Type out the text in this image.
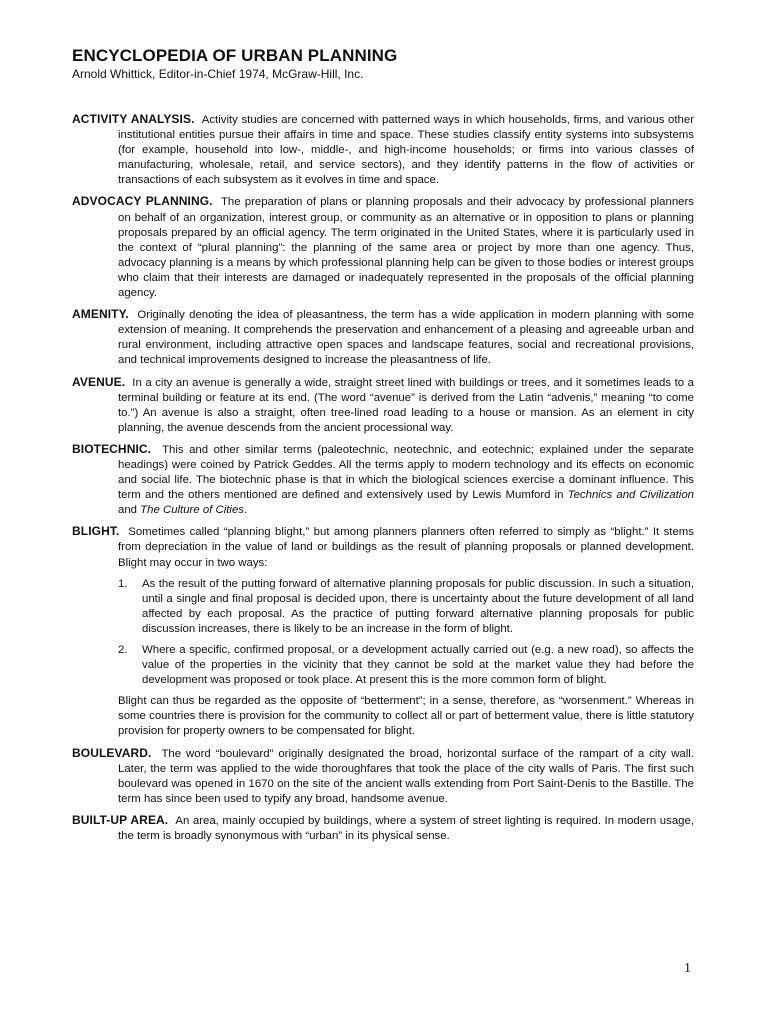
ENCYCLOPEDIA OF URBAN PLANNING

Arnold Whittick, Editor-in-Chief 1974, McGraw-Hill, Inc.

ACTIVITY ANALYSIS. Activity studies are concerned with patterned ways in which households, firms, and various other institutional entities pursue their affairs in time and space. These studies classify entity systems into subsystems (for example, household into low-, middle-, and high-income households; or firms into various classes of manufacturing, wholesale, retail, and service sectors), and they identify patterns in the flow of activities or transactions of each subsystem as it evolves in time and space.

ADVOCACY PLANNING. The preparation of plans or planning proposals and their advocacy by professional planners on behalf of an organization, interest group, or community as an alternative or in opposition to plans or planning proposals prepared by an official agency. The term originated in the United States, where it is particularly used in the context of “plural planning”: the planning of the same area or project by more than one agency. Thus, advocacy planning is a means by which professional planning help can be given to those bodies or interest groups who claim that their interests are damaged or inadequately represented in the proposals of the official planning agency.

AMENITY. Originally denoting the idea of pleasantness, the term has a wide application in modern planning with some extension of meaning. It comprehends the preservation and enhancement of a pleasing and agreeable urban and rural environment, including attractive open spaces and landscape features, social and recreational provisions, and technical improvements designed to increase the pleasantness of life.

AVENUE. In a city an avenue is generally a wide, straight street lined with buildings or trees, and it sometimes leads to a terminal building or feature at its end. (The word “avenue” is derived from the Latin “advenis,” meaning “to come to.”) An avenue is also a straight, often tree-lined road leading to a house or mansion. As an element in city planning, the avenue descends from the ancient processional way.

BIOTECHNIC. This and other similar terms (paleotechnic, neotechnic, and eotechnic; explained under the separate headings) were coined by Patrick Geddes. All the terms apply to modern technology and its effects on economic and social life. The biotechnic phase is that in which the biological sciences exercise a dominant influence. This term and the others mentioned are defined and extensively used by Lewis Mumford in Technics and Civilization and The Culture of Cities.

BLIGHT. Sometimes called “planning blight,” but among planners planners often referred to simply as “blight.” It stems from depreciation in the value of land or buildings as the result of planning proposals or planned development. Blight may occur in two ways:
1. As the result of the putting forward of alternative planning proposals for public discussion. In such a situation, until a single and final proposal is decided upon, there is uncertainty about the future development of all land affected by each proposal. As the practice of putting forward alternative planning proposals for public discussion increases, there is likely to be an increase in the form of blight.
2. Where a specific, confirmed proposal, or a development actually carried out (e.g. a new road), so affects the value of the properties in the vicinity that they cannot be sold at the market value they had before the development was proposed or took place. At present this is the more common form of blight.

Blight can thus be regarded as the opposite of “betterment”; in a sense, therefore, as “worsenment.” Whereas in some countries there is provision for the community to collect all or part of betterment value, there is little statutory provision for property owners to be compensated for blight.

BOULEVARD. The word “boulevard” originally designated the broad, horizontal surface of the rampart of a city wall. Later, the term was applied to the wide thoroughfares that took the place of the city walls of Paris. The first such boulevard was opened in 1670 on the site of the ancient walls extending from Port Saint-Denis to the Bastille. The term has since been used to typify any broad, handsome avenue.

BUILT-UP AREA. An area, mainly occupied by buildings, where a system of street lighting is required. In modern usage, the term is broadly synonymous with “urban” in its physical sense.

1
